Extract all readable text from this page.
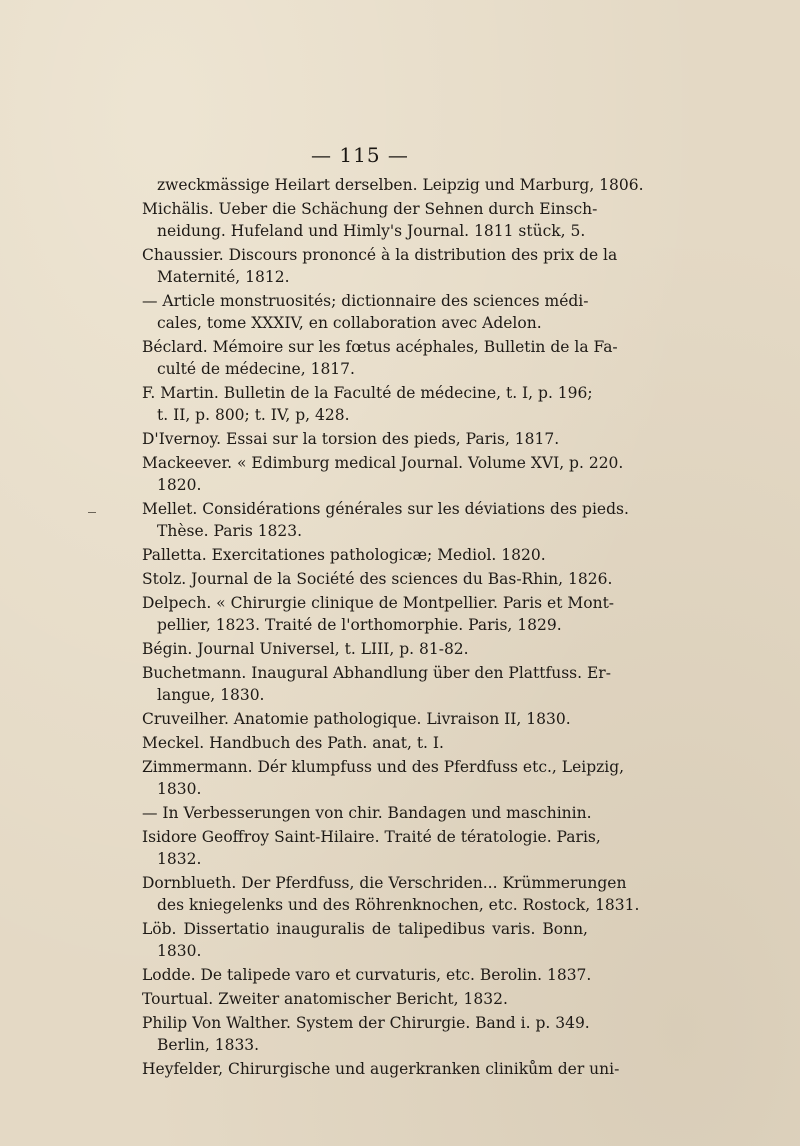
— 115 —
zweckmässige Heilart derselben. Leipzig und Marburg, 1806.
Michälis. Ueber die Schächung der Sehnen durch Einsch-
neidung. Hufeland und Himly's Journal. 1811 stück, 5.
Chaussier. Discours prononcé à la distribution des prix de la
Maternité, 1812.
— Article monstruosités; dictionnaire des sciences médi-
cales, tome XXXIV, en collaboration avec Adelon.
Béclard. Mémoire sur les fœtus acéphales, Bulletin de la Fa-
culté de médecine, 1817.
F. Martin. Bulletin de la Faculté de médecine, t. I, p. 196;
t. II, p. 800; t. IV, p, 428.
D'Ivernoy. Essai sur la torsion des pieds, Paris, 1817.
Mackeever. « Edimburg medical Journal. Volume XVI, p. 220.
1820.
Mellet. Considérations générales sur les déviations des pieds.
Thèse. Paris 1823.
Palletta. Exercitationes pathologicæ; Mediol. 1820.
Stolz. Journal de la Société des sciences du Bas-Rhin, 1826.
Delpech. « Chirurgie clinique de Montpellier. Paris et Mont-
pellier, 1823. Traité de l'orthomorphie. Paris, 1829.
Bégin. Journal Universel, t. LIII, p. 81-82.
Buchetmann. Inaugural Abhandlung über den Plattfuss. Er-
langue, 1830.
Cruveilher. Anatomie pathologique. Livraison II, 1830.
Meckel. Handbuch des Path. anat, t. I.
Zimmermann. Dér klumpfuss und des Pferdfuss etc., Leipzig,
1830.
— In Verbesserungen von chir. Bandagen und maschinin.
Isidore Geoffroy Saint-Hilaire. Traité de tératologie. Paris,
1832.
Dornblueth. Der Pferdfuss, die Verschriden... Krümmerungen
des kniegelenks und des Röhrenknochen, etc. Rostock, 1831.
Löb. Dissertatio inauguralis de talipedibus varis. Bonn,
1830.
Lodde. De talipede varo et curvaturis, etc. Berolin. 1837.
Tourtual. Zweiter anatomischer Bericht, 1832.
Philip Von Walther. System der Chirurgie. Band i. p. 349.
Berlin, 1833.
Heyfelder, Chirurgische und augerkranken clinikům der uni-
